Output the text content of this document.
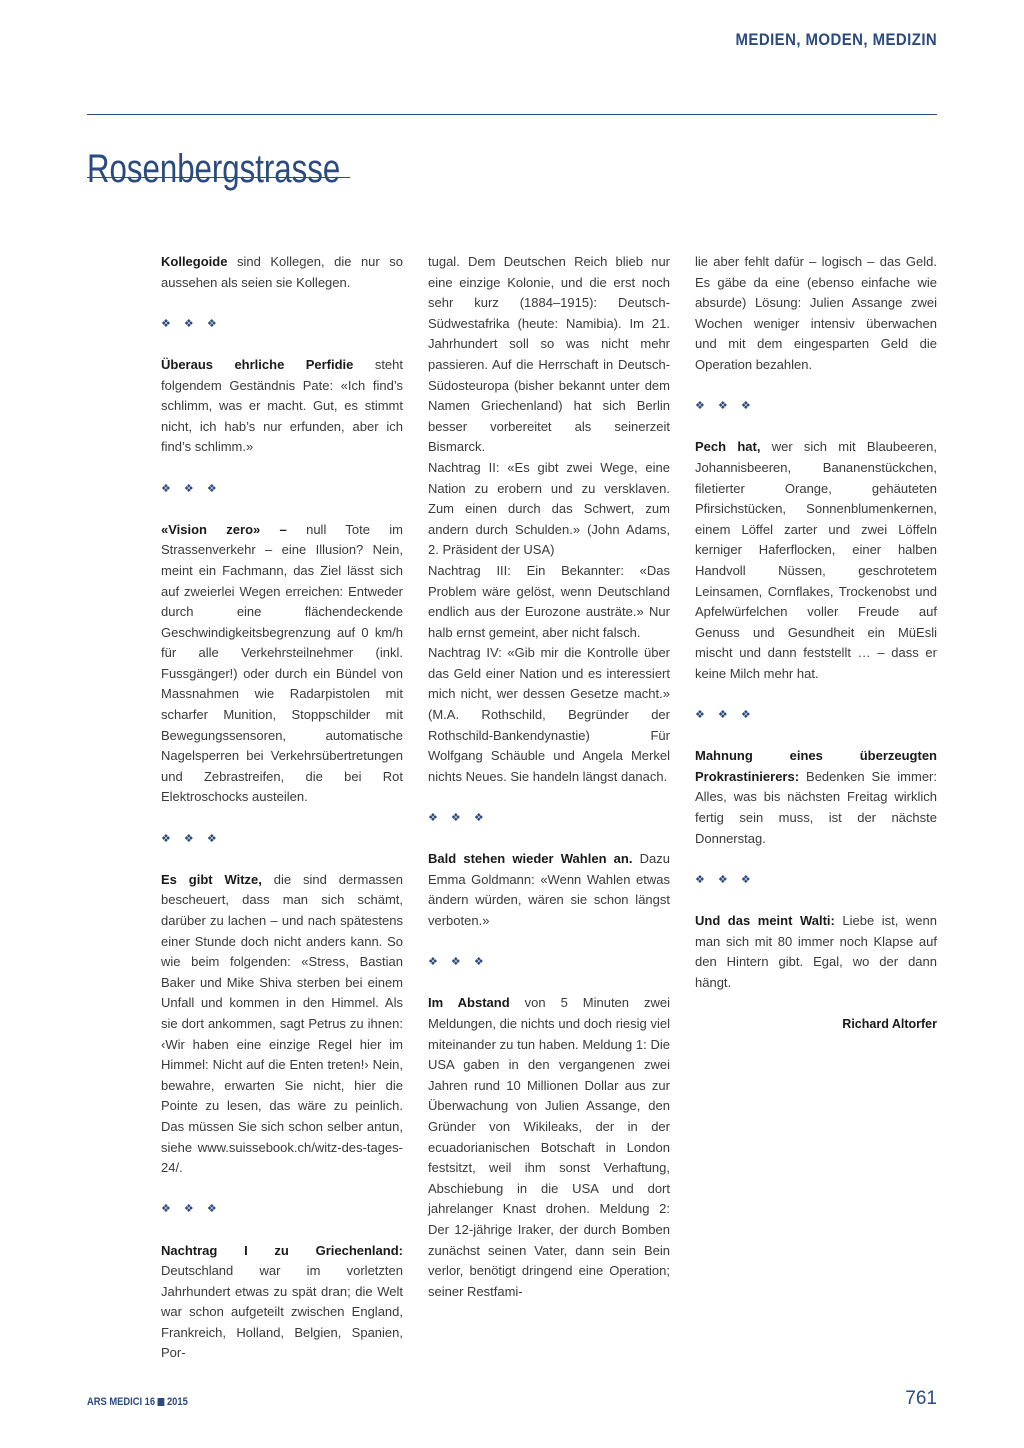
MEDIEN, MODEN, MEDIZIN
Rosenbergstrasse

Kollegoide sind Kollegen, die nur so aussehen als seien sie Kollegen.

❖ ❖ ❖

Überaus ehrliche Perfidie steht folgendem Geständnis Pate: «Ich find’s schlimm, was er macht. Gut, es stimmt nicht, ich hab’s nur erfunden, aber ich find’s schlimm.»

❖ ❖ ❖

«Vision zero» – null Tote im Strassenverkehr – eine Illusion? Nein, meint ein Fachmann, das Ziel lässt sich auf zweierlei Wegen erreichen: Entweder durch eine flächendeckende Geschwindigkeitsbegrenzung auf 0 km/h für alle Verkehrsteilnehmer (inkl. Fussgänger!) oder durch ein Bündel von Massnahmen wie Radarpistolen mit scharfer Munition, Stoppschilder mit Bewegungssensoren, automatische Nagelsperren bei Verkehrsübertretungen und Zebrastreifen, die bei Rot Elektroschocks austeilen.

❖ ❖ ❖

Es gibt Witze, die sind dermassen bescheuert, dass man sich schämt, darüber zu lachen – und nach spätestens einer Stunde doch nicht anders kann. So wie beim folgenden: «Stress, Bastian Baker und Mike Shiva sterben bei einem Unfall und kommen in den Himmel. Als sie dort ankommen, sagt Petrus zu ihnen: ‹Wir haben eine einzige Regel hier im Himmel: Nicht auf die Enten treten!› Nein, bewahre, erwarten Sie nicht, hier die Pointe zu lesen, das wäre zu peinlich. Das müssen Sie sich schon selber antun, siehe www.suissebook.ch/witz-des-tages-24/.

❖ ❖ ❖

Nachtrag I zu Griechenland: Deutschland war im vorletzten Jahrhundert etwas zu spät dran; die Welt war schon aufgeteilt zwischen England, Frankreich, Holland, Belgien, Spanien, Por-

tugal. Dem Deutschen Reich blieb nur eine einzige Kolonie, und die erst noch sehr kurz (1884–1915): Deutsch-Südwestafrika (heute: Namibia). Im 21. Jahrhundert soll so was nicht mehr passieren. Auf die Herrschaft in Deutsch- Südosteuropa (bisher bekannt unter dem Namen Griechenland) hat sich Berlin besser vorbereitet als seinerzeit Bismarck.

Nachtrag II: «Es gibt zwei Wege, eine Nation zu erobern und zu versklaven. Zum einen durch das Schwert, zum andern durch Schulden.» (John Adams, 2. Präsident der USA)

Nachtrag III: Ein Bekannter: «Das Problem wäre gelöst, wenn Deutschland endlich aus der Eurozone austräte.» Nur halb ernst gemeint, aber nicht falsch.

Nachtrag IV: «Gib mir die Kontrolle über das Geld einer Nation und es interessiert mich nicht, wer dessen Gesetze macht.» (M.A. Rothschild, Begründer der Rothschild-Bankendynastie) Für Wolfgang Schäuble und Angela Merkel nichts Neues. Sie handeln längst danach.

❖ ❖ ❖

Bald stehen wieder Wahlen an. Dazu Emma Goldmann: «Wenn Wahlen etwas ändern würden, wären sie schon längst verboten.»

❖ ❖ ❖

Im Abstand von 5 Minuten zwei Meldungen, die nichts und doch riesig viel miteinander zu tun haben. Meldung 1: Die USA gaben in den vergangenen zwei Jahren rund 10 Millionen Dollar aus zur Überwachung von Julien Assange, den Gründer von Wikileaks, der in der ecuadorianischen Botschaft in London festsitzt, weil ihm sonst Verhaftung, Abschiebung in die USA und dort jahrelanger Knast drohen. Meldung 2: Der 12-jährige Iraker, der durch Bomben zunächst seinen Vater, dann sein Bein verlor, benötigt dringend eine Operation; seiner Restfami-

lie aber fehlt dafür – logisch – das Geld. Es gäbe da eine (ebenso einfache wie absurde) Lösung: Julien Assange zwei Wochen weniger intensiv überwachen und mit dem eingesparten Geld die Operation bezahlen.

❖ ❖ ❖

Pech hat, wer sich mit Blaubeeren, Johannisbeeren, Bananenstückchen, filetierter Orange, gehäuteten Pfirsichstücken, Sonnenblumenkernen, einem Löffel zarter und zwei Löffeln kerniger Haferflocken, einer halben Handvoll Nüssen, geschrotetem Leinsamen, Cornflakes, Trockenobst und Apfelwürfelchen voller Freude auf Genuss und Gesundheit ein MüEsli mischt und dann feststellt … – dass er keine Milch mehr hat.

❖ ❖ ❖

Mahnung eines überzeugten Prokrastinierers: Bedenken Sie immer: Alles, was bis nächsten Freitag wirklich fertig sein muss, ist der nächste Donnerstag.

❖ ❖ ❖

Und das meint Walti: Liebe ist, wenn man sich mit 80 immer noch Klapse auf den Hintern gibt. Egal, wo der dann hängt.

Richard Altorfer
ARS MEDICI 16 2015	761
